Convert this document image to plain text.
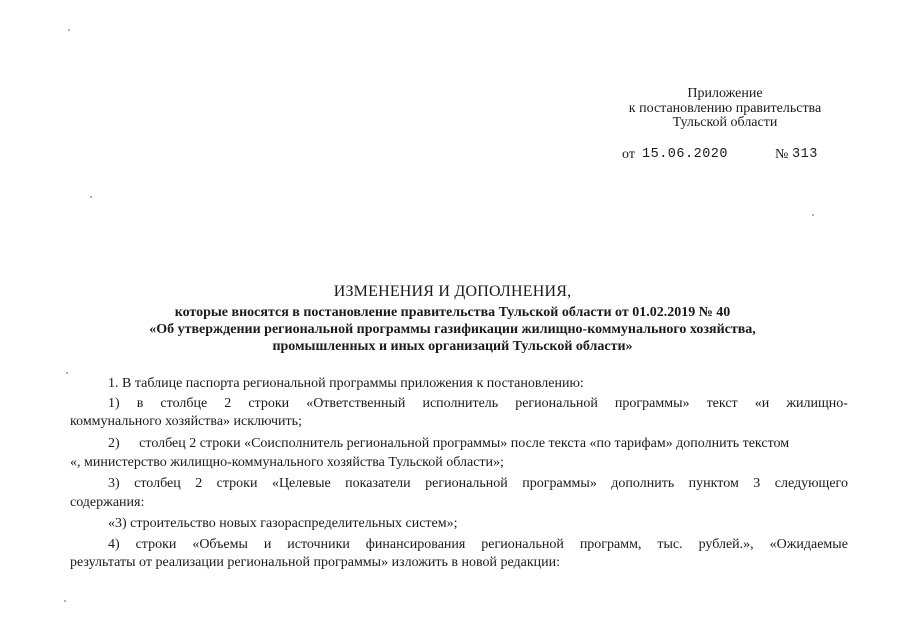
Приложение
к постановлению правительства
Тульской области
от 15.06.2020	№ 313
ИЗМЕНЕНИЯ И ДОПОЛНЕНИЯ,
которые вносятся в постановление правительства Тульской области от 01.02.2019 № 40
«Об утверждении региональной программы газификации жилищно-коммунального хозяйства,
промышленных и иных организаций Тульской области»
1. В таблице паспорта региональной программы приложения к постановлению:
1) в столбце 2 строки «Ответственный исполнитель региональной программы» текст «и жилищно-
коммунального хозяйства» исключить;
2) столбец 2 строки «Соисполнитель региональной программы» после текста «по тарифам» дополнить текстом
«, министерство жилищно-коммунального хозяйства Тульской области»;
3) столбец 2 строки «Целевые показатели региональной программы» дополнить пунктом 3 следующего
содержания:
«3) строительство новых газораспределительных систем»;
4) строки «Объемы и источники финансирования региональной программ, тыс. рублей.», «Ожидаемые
результаты от реализации региональной программы» изложить в новой редакции:
